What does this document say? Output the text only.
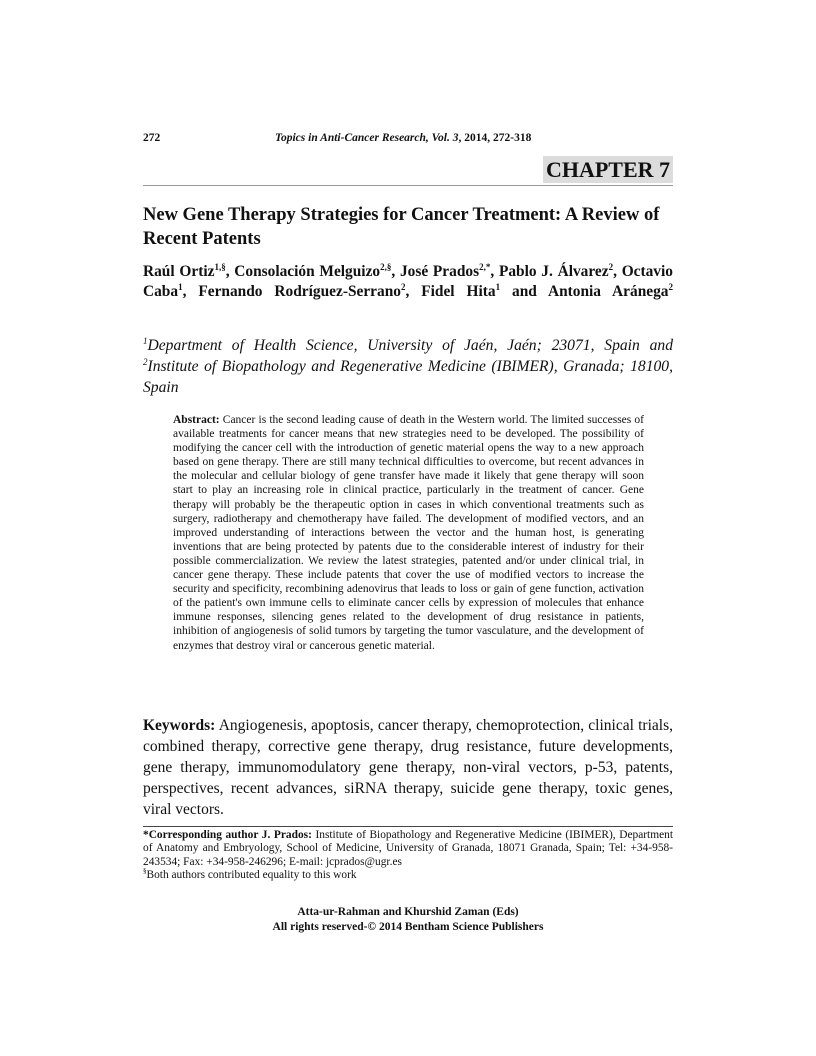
272	Topics in Anti-Cancer Research, Vol. 3, 2014, 272-318
CHAPTER 7
New Gene Therapy Strategies for Cancer Treatment: A Review of Recent Patents

Raúl Ortiz$^{1,\S}$, Consolación Melguizo$^{2,\S}$, José Prados$^{2,*}$, Pablo J. Álvarez$^2$, Octavio Caba$^1$, Fernando Rodríguez-Serrano$^2$, Fidel Hita$^1$ and Antonia Aránega$^2$

$^1$Department of Health Science, University of Jaén, Jaén; 23071, Spain and $^2$Institute of Biopathology and Regenerative Medicine (IBIMER), Granada; 18100, Spain

Abstract: Cancer is the second leading cause of death in the Western world. The limited successes of available treatments for cancer means that new strategies need to be developed. The possibility of modifying the cancer cell with the introduction of genetic material opens the way to a new approach based on gene therapy. There are still many technical difficulties to overcome, but recent advances in the molecular and cellular biology of gene transfer have made it likely that gene therapy will soon start to play an increasing role in clinical practice, particularly in the treatment of cancer. Gene therapy will probably be the therapeutic option in cases in which conventional treatments such as surgery, radiotherapy and chemotherapy have failed. The development of modified vectors, and an improved understanding of interactions between the vector and the human host, is generating inventions that are being protected by patents due to the considerable interest of industry for their possible commercialization. We review the latest strategies, patented and/or under clinical trial, in cancer gene therapy. These include patents that cover the use of modified vectors to increase the security and specificity, recombining adenovirus that leads to loss or gain of gene function, activation of the patient's own immune cells to eliminate cancer cells by expression of molecules that enhance immune responses, silencing genes related to the development of drug resistance in patients, inhibition of angiogenesis of solid tumors by targeting the tumor vasculature, and the development of enzymes that destroy viral or cancerous genetic material.

Keywords: Angiogenesis, apoptosis, cancer therapy, chemoprotection, clinical trials, combined therapy, corrective gene therapy, drug resistance, future developments, gene therapy, immunomodulatory gene therapy, non-viral vectors, p-53, patents, perspectives, recent advances, siRNA therapy, suicide gene therapy, toxic genes, viral vectors.

*Corresponding author J. Prados: Institute of Biopathology and Regenerative Medicine (IBIMER), Department of Anatomy and Embryology, School of Medicine, University of Granada, 18071 Granada, Spain; Tel: +34-958-243534; Fax: +34-958-246296; E-mail: jcprados@ugr.es

§Both authors contributed equality to this work

Atta-ur-Rahman and Khurshid Zaman (Eds)
All rights reserved-© 2014 Bentham Science Publishers
